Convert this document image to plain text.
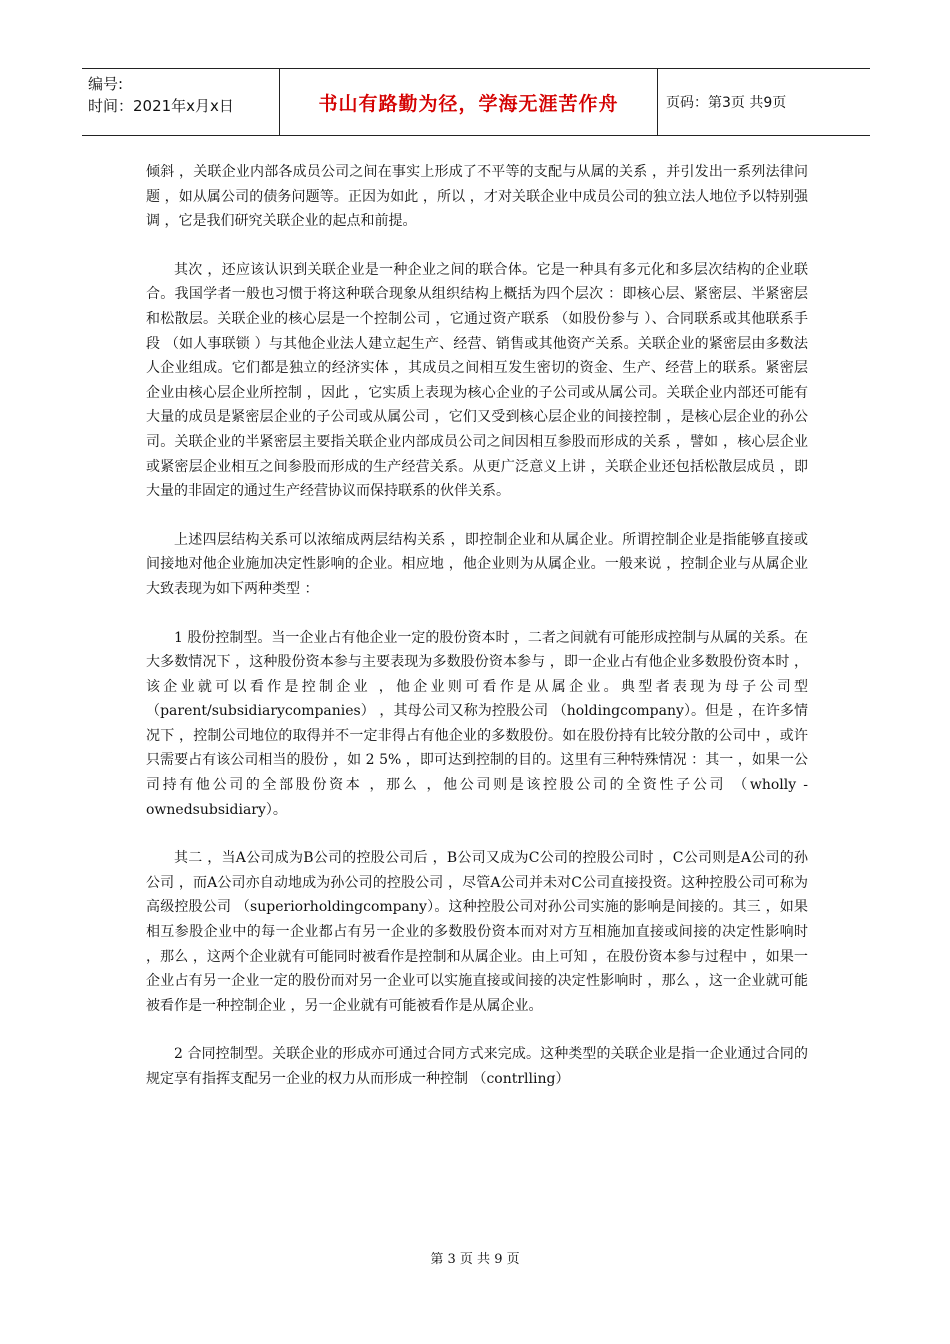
编号:
时间：2021年x月x日	书山有路勤为径，学海无涯苦作舟	页码：第3页 共9页

倾斜 ，关联企业内部各成员公司之间在事实上形成了不平等的支配与从属的关系 ，并引发出一系列法律问题 ，如从属公司的债务问题等。正因为如此 ，所以 ，才对关联企业中成员公司的独立法人地位予以特别强调 ，它是我们研究关联企业的起点和前提。

其次 ，还应该认识到关联企业是一种企业之间的联合体。它是一种具有多元化和多层次结构的企业联合。我国学者一般也习惯于将这种联合现象从组织结构上概括为四个层次 ：即核心层、紧密层、半紧密层和松散层。关联企业的核心层是一个控制公司 ，它通过资产联系 （如股份参与 ）、合同联系或其他联系手段 （如人事联锁 ）与其他企业法人建立起生产、经营、销售或其他资产关系。关联企业的紧密层由多数法人企业组成。它们都是独立的经济实体 ，其成员之间相互发生密切的资金、生产、经营上的联系。紧密层企业由核心层企业所控制 ，因此 ，它实质上表现为核心企业的子公司或从属公司。关联企业内部还可能有大量的成员是紧密层企业的子公司或从属公司 ，它们又受到核心层企业的间接控制 ，是核心层企业的孙公司。关联企业的半紧密层主要指关联企业内部成员公司之间因相互参股而形成的关系 ，譬如 ，核心层企业或紧密层企业相互之间参股而形成的生产经营关系。从更广泛意义上讲 ，关联企业还包括松散层成员 ，即大量的非固定的通过生产经营协议而保持联系的伙伴关系。

上述四层结构关系可以浓缩成两层结构关系 ，即控制企业和从属企业。所谓控制企业是指能够直接或间接地对他企业施加决定性影响的企业。相应地 ，他企业则为从属企业。一般来说 ，控制企业与从属企业大致表现为如下两种类型 ：

1 股份控制型。当一企业占有他企业一定的股份资本时 ，二者之间就有可能形成控制与从属的关系。在大多数情况下 ，这种股份资本参与主要表现为多数股份资本参与 ，即一企业占有他企业多数股份资本时 ，该企业就可以看作是控制企业 ，他企业则可看作是从属企业。典型者表现为母子公司型 （parent/subsidiarycompanies） ，其母公司又称为控股公司 （holdingcompany）。但是 ，在许多情况下 ，控制公司地位的取得并不一定非得占有他企业的多数股份。如在股份持有比较分散的公司中 ，或许只需要占有该公司相当的股份 ，如 2 5% ，即可达到控制的目的。这里有三种特殊情况 ：其一 ，如果一公司持有他公司的全部股份资本 ，那么 ，他公司则是该控股公司的全资性子公司 （wholly -ownedsubsidiary）。

其二 ，当A公司成为B公司的控股公司后 ，B公司又成为C公司的控股公司时 ，C公司则是A公司的孙公司 ，而A公司亦自动地成为孙公司的控股公司 ，尽管A公司并未对C公司直接投资。这种控股公司可称为高级控股公司 （superiorholdingcompany）。这种控股公司对孙公司实施的影响是间接的。其三 ，如果相互参股企业中的每一企业都占有另一企业的多数股份资本而对对方互相施加直接或间接的决定性影响时 ，那么 ，这两个企业就有可能同时被看作是控制和从属企业。由上可知 ，在股份资本参与过程中 ，如果一企业占有另一企业一定的股份而对另一企业可以实施直接或间接的决定性影响时 ，那么 ，这一企业就可能被看作是一种控制企业 ，另一企业就有可能被看作是从属企业。

2 合同控制型。关联企业的形成亦可通过合同方式来完成。这种类型的关联企业是指一企业通过合同的规定享有指挥支配另一企业的权力从而形成一种控制 （contrlling）

第 3 页 共 9 页
